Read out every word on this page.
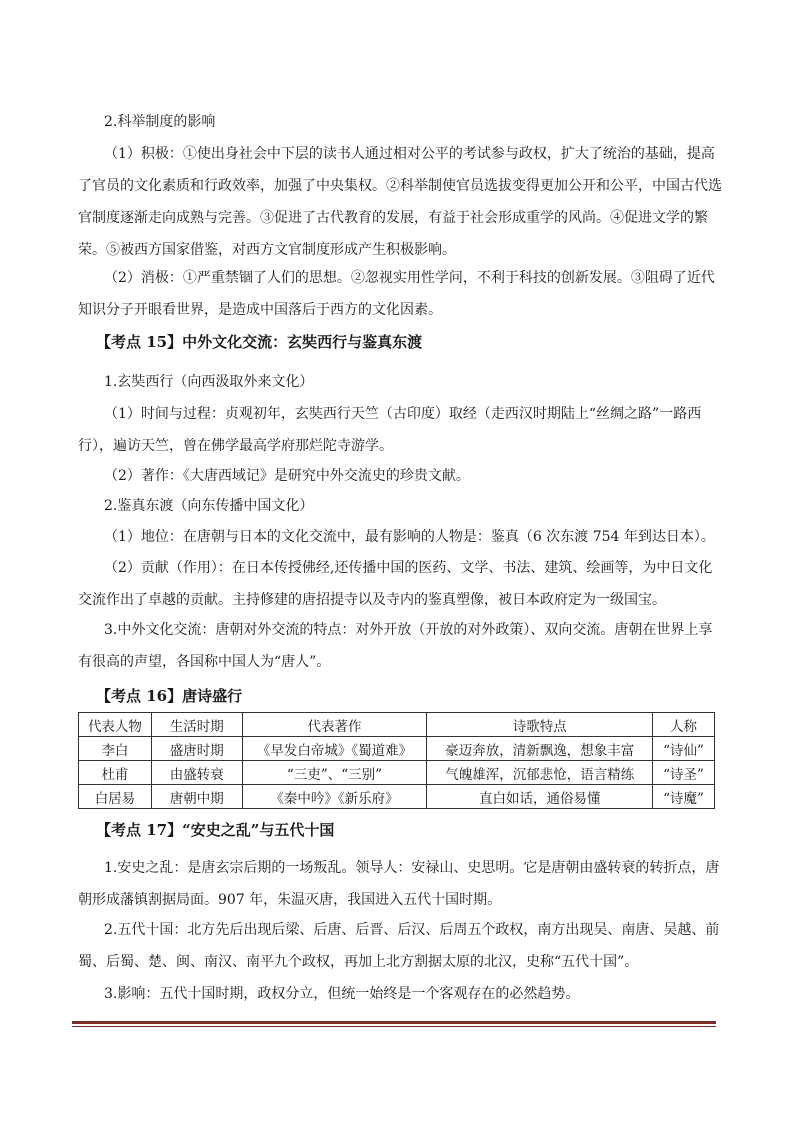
2.科举制度的影响

（1）积极：①使出身社会中下层的读书人通过相对公平的考试参与政权，扩大了统治的基础，提高了官员的文化素质和行政效率，加强了中央集权。②科举制使官员选拔变得更加公开和公平，中国古代选官制度逐渐走向成熟与完善。③促进了古代教育的发展，有益于社会形成重学的风尚。④促进文学的繁荣。⑤被西方国家借鉴，对西方文官制度形成产生积极影响。

（2）消极：①严重禁锢了人们的思想。②忽视实用性学问，不利于科技的创新发展。③阻碍了近代知识分子开眼看世界，是造成中国落后于西方的文化因素。

【考点 15】中外文化交流：玄奘西行与鉴真东渡

1.玄奘西行（向西汲取外来文化）

（1）时间与过程：贞观初年，玄奘西行天竺（古印度）取经（走西汉时期陆上“丝绸之路”一路西行），遍访天竺，曾在佛学最高学府那烂陀寺游学。

（2）著作：《大唐西域记》是研究中外交流史的珍贵文献。

2.鉴真东渡（向东传播中国文化）

（1）地位：在唐朝与日本的文化交流中，最有影响的人物是：鉴真（6 次东渡 754 年到达日本）。

（2）贡献（作用）：在日本传授佛经,还传播中国的医药、文学、书法、建筑、绘画等，为中日文化交流作出了卓越的贡献。主持修建的唐招提寺以及寺内的鉴真塑像，被日本政府定为一级国宝。

3.中外文化交流：唐朝对外交流的特点：对外开放（开放的对外政策）、双向交流。唐朝在世界上享有很高的声望，各国称中国人为“唐人”。

【考点 16】唐诗盛行
代表人物	生活时期	代表著作	诗歌特点	人称
李白	盛唐时期	《早发白帝城》《蜀道难》	豪迈奔放，清新飘逸，想象丰富	“诗仙”
杜甫	由盛转衰	“三吏”、“三别”	气魄雄浑，沉郁悲怆，语言精练	“诗圣”
白居易	唐朝中期	《秦中吟》《新乐府》	直白如话，通俗易懂	“诗魔”
【考点 17】“安史之乱”与五代十国

1.安史之乱：是唐玄宗后期的一场叛乱。领导人：安禄山、史思明。它是唐朝由盛转衰的转折点，唐朝形成藩镇割据局面。907 年，朱温灭唐，我国进入五代十国时期。

2.五代十国：北方先后出现后梁、后唐、后晋、后汉、后周五个政权，南方出现吴、南唐、吴越、前蜀、后蜀、楚、闽、南汉、南平九个政权，再加上北方割据太原的北汉，史称“五代十国”。

3.影响：五代十国时期，政权分立，但统一始终是一个客观存在的必然趋势。
